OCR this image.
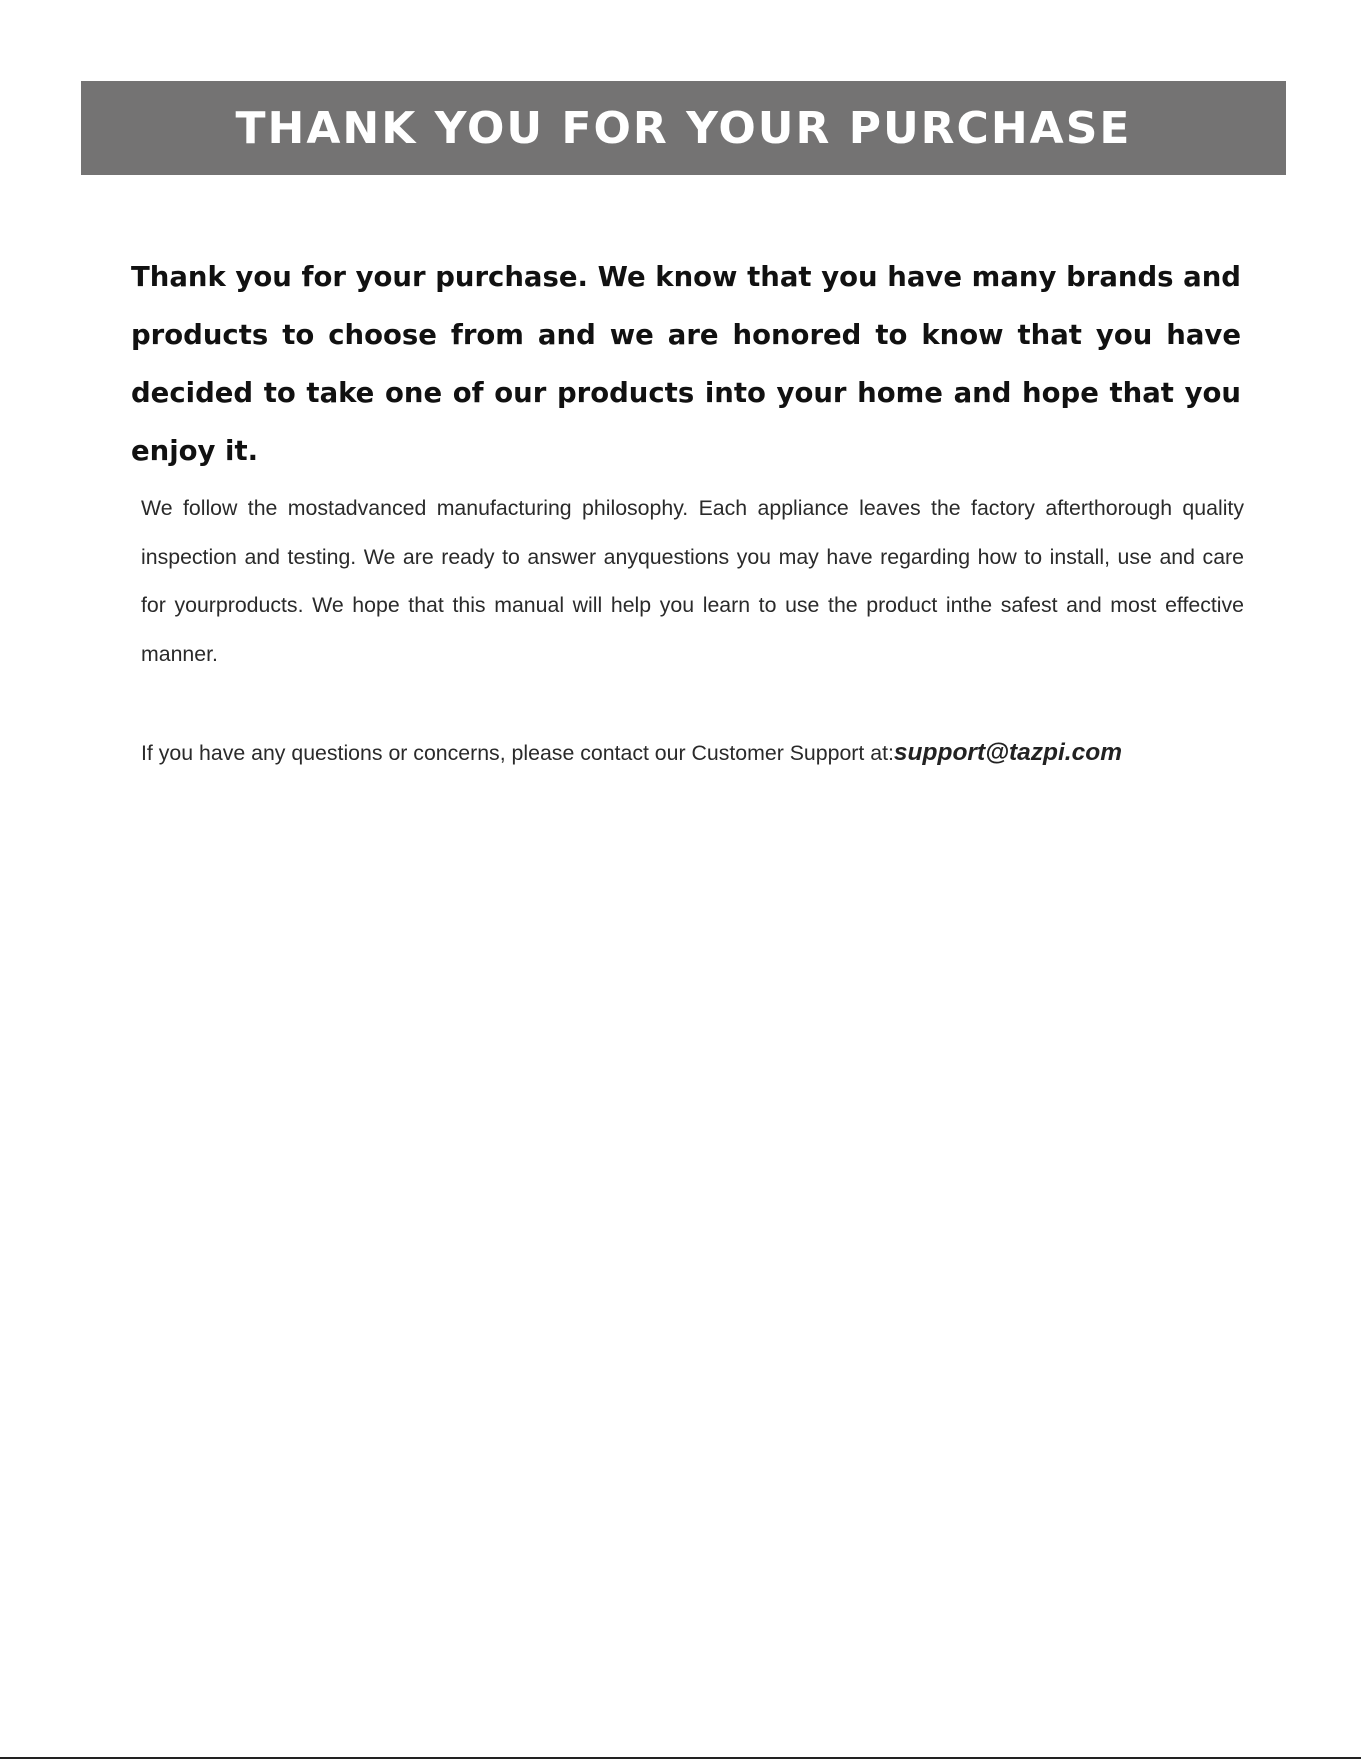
THANK YOU FOR YOUR PURCHASE

Thank you for your purchase. We know that you have many brands and products to choose from and we are honored to know that you have decided to take one of our products into your home and hope that you enjoy it.

We follow the mostadvanced manufacturing philosophy. Each appliance leaves the factory afterthorough quality inspection and testing. We are ready to answer anyquestions you may have regarding how to install, use and care for yourproducts. We hope that this manual will help you learn to use the product inthe safest and most effective manner.

If you have any questions or concerns, please contact our Customer Support at:support@tazpi.com
